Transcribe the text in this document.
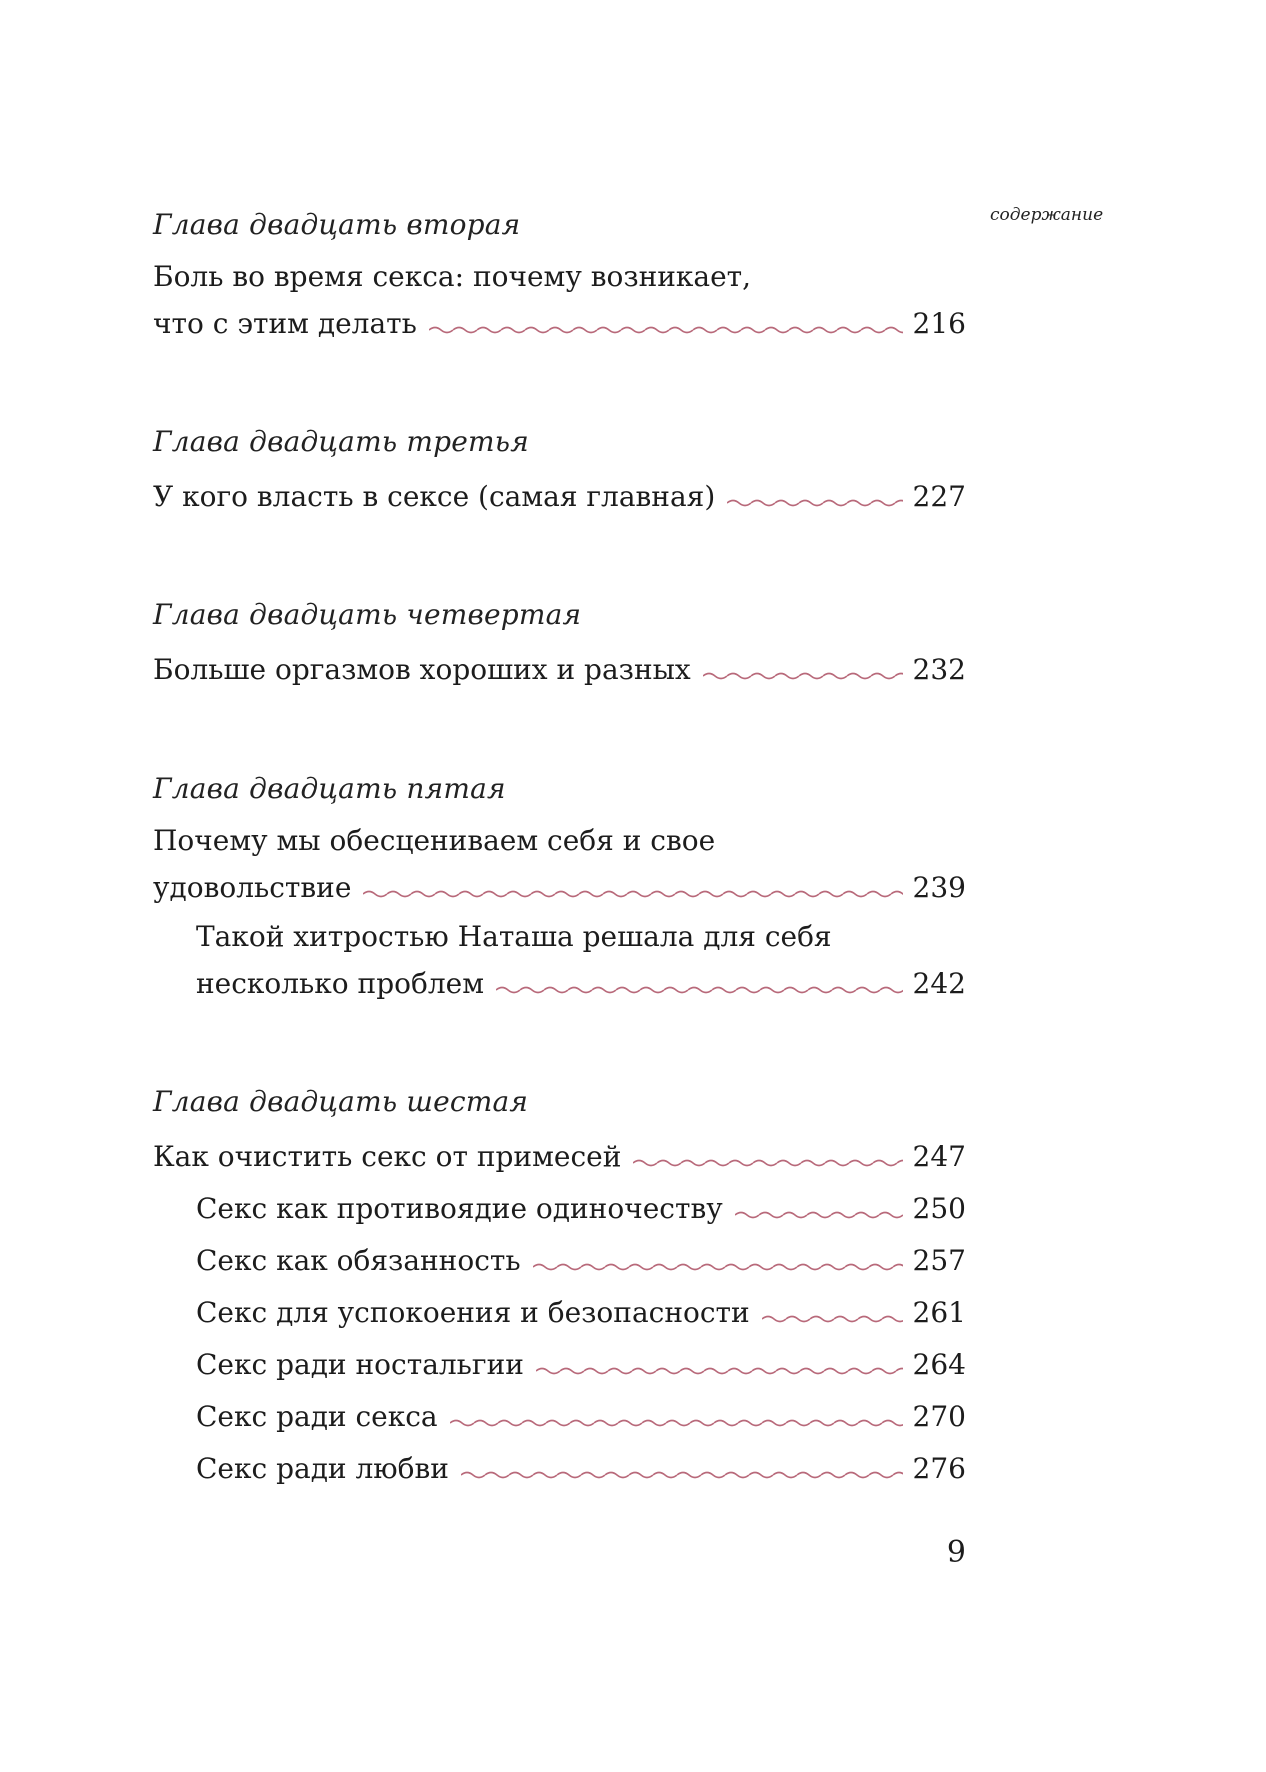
содержание
Глава двадцать вторая
Боль во время секса: почему возникает,
что с этим делать	216
Глава двадцать третья
У кого власть в сексе (самая главная)	227
Глава двадцать четвертая
Больше оргазмов хороших и разных	232
Глава двадцать пятая
Почему мы обесцениваем себя и свое
удовольствие	239
Такой хитростью Наташа решала для себя
несколько проблем	242
Глава двадцать шестая
Как очистить секс от примесей	247
Секс как противоядие одиночеству	250
Секс как обязанность	257
Секс для успокоения и безопасности	261
Секс ради ностальгии	264
Секс ради секса	270
Секс ради любви	276
9
